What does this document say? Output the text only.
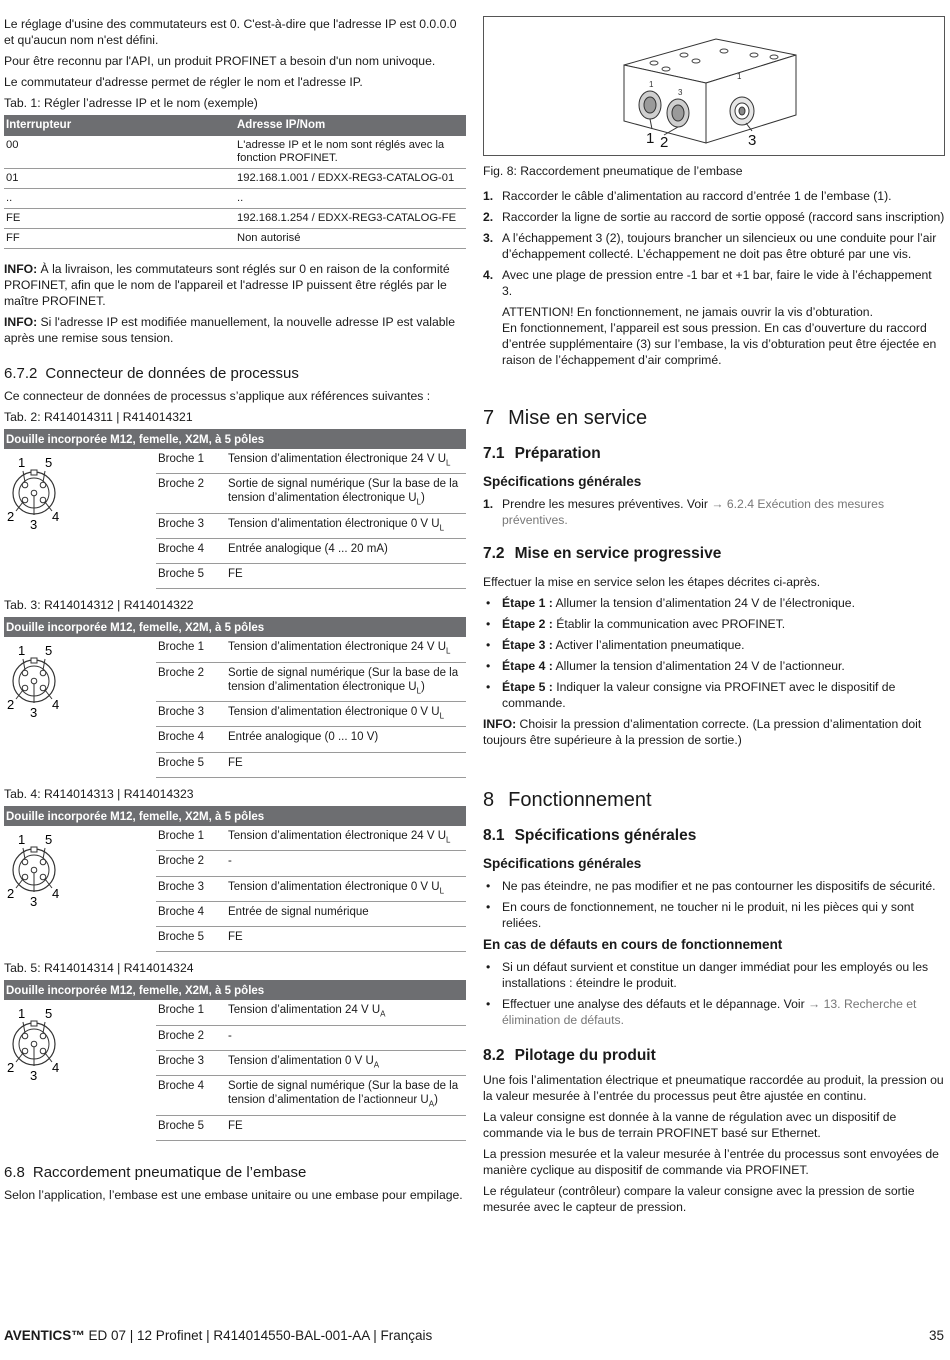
Le réglage d'usine des commutateurs est 0. C'est-à-dire que l'adresse IP est 0.0.0.0 et qu'aucun nom n'est défini.

Pour être reconnu par l'API, un produit PROFINET a besoin d'un nom univoque.

Le commutateur d'adresse permet de régler le nom et l'adresse IP.

Tab. 1: Régler l’adresse IP et le nom (exemple)

Interrupteur	Adresse IP/Nom
00	L'adresse IP et le nom sont réglés avec la fonction PROFINET.
01	192.168.1.001 / EDXX-REG3-CATALOG-01
..	..
FE	192.168.1.254 / EDXX-REG3-CATALOG-FE
FF	Non autorisé

INFO: À la livraison, les commutateurs sont réglés sur 0 en raison de la conformité PROFINET, afin que le nom de l'appareil et l'adresse IP puissent être réglés par le maître PROFINET.

INFO: Si l'adresse IP est modifiée manuellement, la nouvelle adresse IP est valable après une remise sous tension.

6.7.2 Connecteur de données de processus

Ce connecteur de données de processus s’applique aux références suivantes :

Tab. 2: R414014311 | R414014321

Douille incorporée M12, femelle, X2M, à 5 pôles
1 5
2	4
3
Broche 1	Tension d’alimentation électronique 24 V $U_L$
Broche 2	Sortie de signal numérique (Sur la base de la tension d’alimentation électronique $U_L$)
Broche 3	Tension d’alimentation électronique 0 V $U_L$
Broche 4	Entrée analogique (4 ... 20 mA)
Broche 5	FE

Tab. 3: R414014312 | R414014322

Douille incorporée M12, femelle, X2M, à 5 pôles
1 5
2	4
3
Broche 1	Tension d’alimentation électronique 24 V $U_L$
Broche 2	Sortie de signal numérique (Sur la base de la tension d’alimentation électronique $U_L$)
Broche 3	Tension d’alimentation électronique 0 V $U_L$
Broche 4	Entrée analogique (0 ... 10 V)
Broche 5	FE

Tab. 4: R414014313 | R414014323

Douille incorporée M12, femelle, X2M, à 5 pôles
1 5
2	4
3
Broche 1	Tension d’alimentation électronique 24 V $U_L$
Broche 2	-
Broche 3	Tension d’alimentation électronique 0 V $U_L$
Broche 4	Entrée de signal numérique
Broche 5	FE

Tab. 5: R414014314 | R414014324

Douille incorporée M12, femelle, X2M, à 5 pôles
1 5
2	4
3
Broche 1	Tension d’alimentation 24 V $U_A$
Broche 2	-
Broche 3	Tension d’alimentation 0 V $U_A$
Broche 4	Sortie de signal numérique (Sur la base de la tension d’alimentation de l’actionneur $U_A$)
Broche 5	FE
6.8 Raccordement pneumatique de l’embase

Selon l’application, l’embase est une embase unitaire ou une embase pour empilage.

1
3
1
1 2	3

Fig. 8: Raccordement pneumatique de l’embase

1. Raccorder le câble d’alimentation au raccord d’entrée 1 de l’embase (1).
2. Raccorder la ligne de sortie au raccord de sortie opposé (raccord sans inscription)
3. A l’échappement 3 (2), toujours brancher un silencieux ou une conduite pour l’air d’échappement collecté. L’échappement ne doit pas être obturé par une vis.
4. Avec une plage de pression entre -1 bar et +1 bar, faire le vide à l’échappement 3.
ATTENTION! En fonctionnement, ne jamais ouvrir la vis d’obturation.
En fonctionnement, l’appareil est sous pression. En cas d’ouverture du raccord d’entrée supplémentaire (3) sur l’embase, la vis d’obturation peut être éjectée en raison de l’échappement d’air comprimé.
7 Mise en service
7.1 Préparation
Spécifications générales
1. Prendre les mesures préventives. Voir → 6.2.4 Exécution des mesures préventives.
7.2 Mise en service progressive

Effectuer la mise en service selon les étapes décrites ci-après.

• Étape 1 : Allumer la tension d’alimentation 24 V de l’électronique.
• Étape 2 : Établir la communication avec PROFINET.
• Étape 3 : Activer l’alimentation pneumatique.
• Étape 4 : Allumer la tension d’alimentation 24 V de l’actionneur.
• Étape 5 : Indiquer la valeur consigne via PROFINET avec le dispositif de commande.

INFO: Choisir la pression d’alimentation correcte. (La pression d’alimentation doit toujours être supérieure à la pression de sortie.)

8 Fonctionnement
8.1 Spécifications générales
Spécifications générales
• Ne pas éteindre, ne pas modifier et ne pas contourner les dispositifs de sécurité.
• En cours de fonctionnement, ne toucher ni le produit, ni les pièces qui y sont reliées.
En cas de défauts en cours de fonctionnement
• Si un défaut survient et constitue un danger immédiat pour les employés ou les installations : éteindre le produit.
• Effectuer une analyse des défauts et le dépannage. Voir → 13. Recherche et élimination de défauts.
8.2 Pilotage du produit

Une fois l’alimentation électrique et pneumatique raccordée au produit, la pression ou la valeur mesurée à l’entrée du processus peut être ajustée en continu.

La valeur consigne est donnée à la vanne de régulation avec un dispositif de commande via le bus de terrain PROFINET basé sur Ethernet.

La pression mesurée et la valeur mesurée à l’entrée du processus sont envoyées de manière cyclique au dispositif de commande via PROFINET.

Le régulateur (contrôleur) compare la valeur consigne avec la pression de sortie mesurée avec le capteur de pression.

AVENTICS™ ED 07 | 12 Profinet | R414014550-BAL-001-AA | Français	35
